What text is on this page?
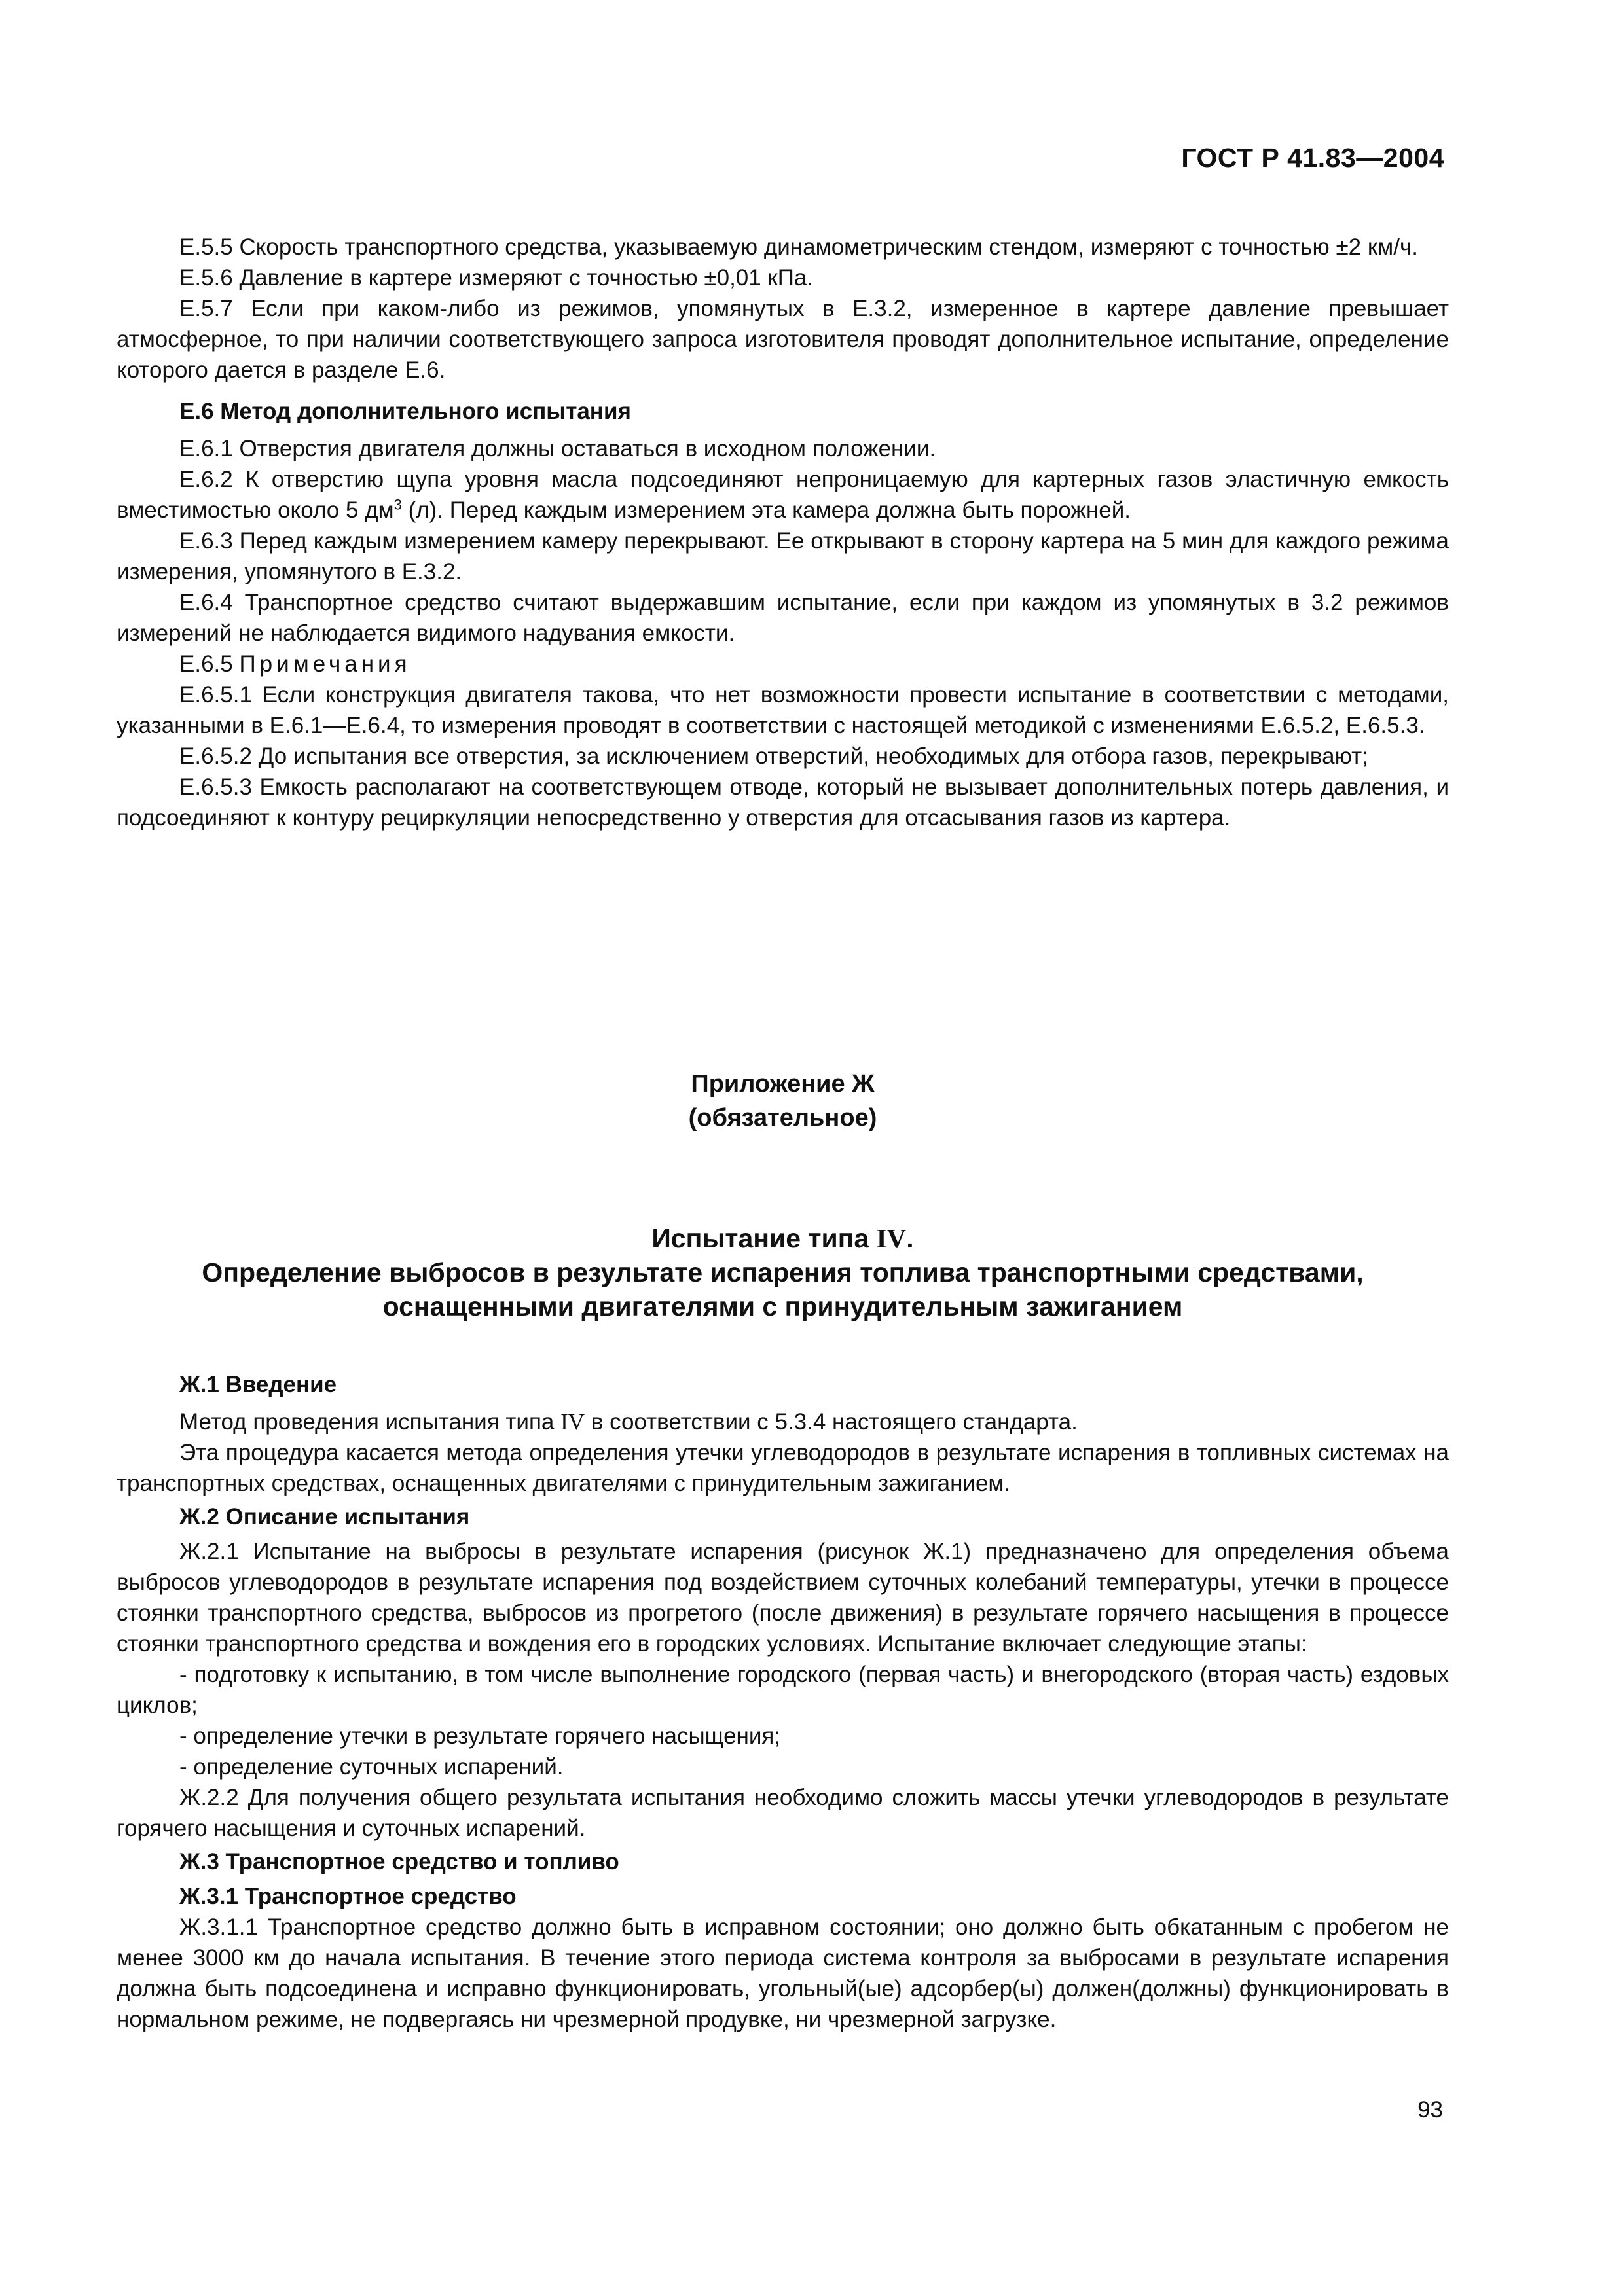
ГОСТ Р 41.83—2004

Е.5.5 Скорость транспортного средства, указываемую динамометрическим стендом, измеряют с точностью ±2 км/ч.

Е.5.6 Давление в картере измеряют с точностью ±0,01 кПа.

Е.5.7 Если при каком-либо из режимов, упомянутых в Е.3.2, измеренное в картере давление превышает атмосферное, то при наличии соответствующего запроса изготовителя проводят дополнительное испытание, определение которого дается в разделе Е.6.

Е.6 Метод дополнительного испытания

Е.6.1 Отверстия двигателя должны оставаться в исходном положении.

Е.6.2 К отверстию щупа уровня масла подсоединяют непроницаемую для картерных газов эластичную емкость вместимостью около 5 $дм^3$ (л). Перед каждым измерением эта камера должна быть порожней.

Е.6.3 Перед каждым измерением камеру перекрывают. Ее открывают в сторону картера на 5 мин для каждого режима измерения, упомянутого в Е.3.2.

Е.6.4 Транспортное средство считают выдержавшим испытание, если при каждом из упомянутых в 3.2 режимов измерений не наблюдается видимого надувания емкости.

Е.6.5 Примечания

Е.6.5.1 Если конструкция двигателя такова, что нет возможности провести испытание в соответствии с методами, указанными в Е.6.1—Е.6.4, то измерения проводят в соответствии с настоящей методикой с изменениями Е.6.5.2, Е.6.5.3.

Е.6.5.2 До испытания все отверстия, за исключением отверстий, необходимых для отбора газов, перекрывают;

Е.6.5.3 Емкость располагают на соответствующем отводе, который не вызывает дополнительных потерь давления, и подсоединяют к контуру рециркуляции непосредственно у отверстия для отсасывания газов из картера.

Приложение Ж
(обязательное)
Испытание типа IV.
Определение выбросов в результате испарения топлива транспортными средствами,
оснащенными двигателями с принудительным зажиганием

Ж.1 Введение

Метод проведения испытания типа IV в соответствии с 5.3.4 настоящего стандарта.

Эта процедура касается метода определения утечки углеводородов в результате испарения в топливных системах на транспортных средствах, оснащенных двигателями с принудительным зажиганием.

Ж.2 Описание испытания

Ж.2.1 Испытание на выбросы в результате испарения (рисунок Ж.1) предназначено для определения объема выбросов углеводородов в результате испарения под воздействием суточных колебаний температуры, утечки в процессе стоянки транспортного средства, выбросов из прогретого (после движения) в результате горячего насыщения в процессе стоянки транспортного средства и вождения его в городских условиях. Испытание включает следующие этапы:

- подготовку к испытанию, в том числе выполнение городского (первая часть) и внегородского (вторая часть) ездовых циклов;

- определение утечки в результате горячего насыщения;

- определение суточных испарений.

Ж.2.2 Для получения общего результата испытания необходимо сложить массы утечки углеводородов в результате горячего насыщения и суточных испарений.

Ж.3 Транспортное средство и топливо

Ж.3.1 Транспортное средство

Ж.3.1.1 Транспортное средство должно быть в исправном состоянии; оно должно быть обкатанным с пробегом не менее 3000 км до начала испытания. В течение этого периода система контроля за выбросами в результате испарения должна быть подсоединена и исправно функционировать, угольный(ые) адсорбер(ы) должен(должны) функционировать в нормальном режиме, не подвергаясь ни чрезмерной продувке, ни чрезмерной загрузке.

93
